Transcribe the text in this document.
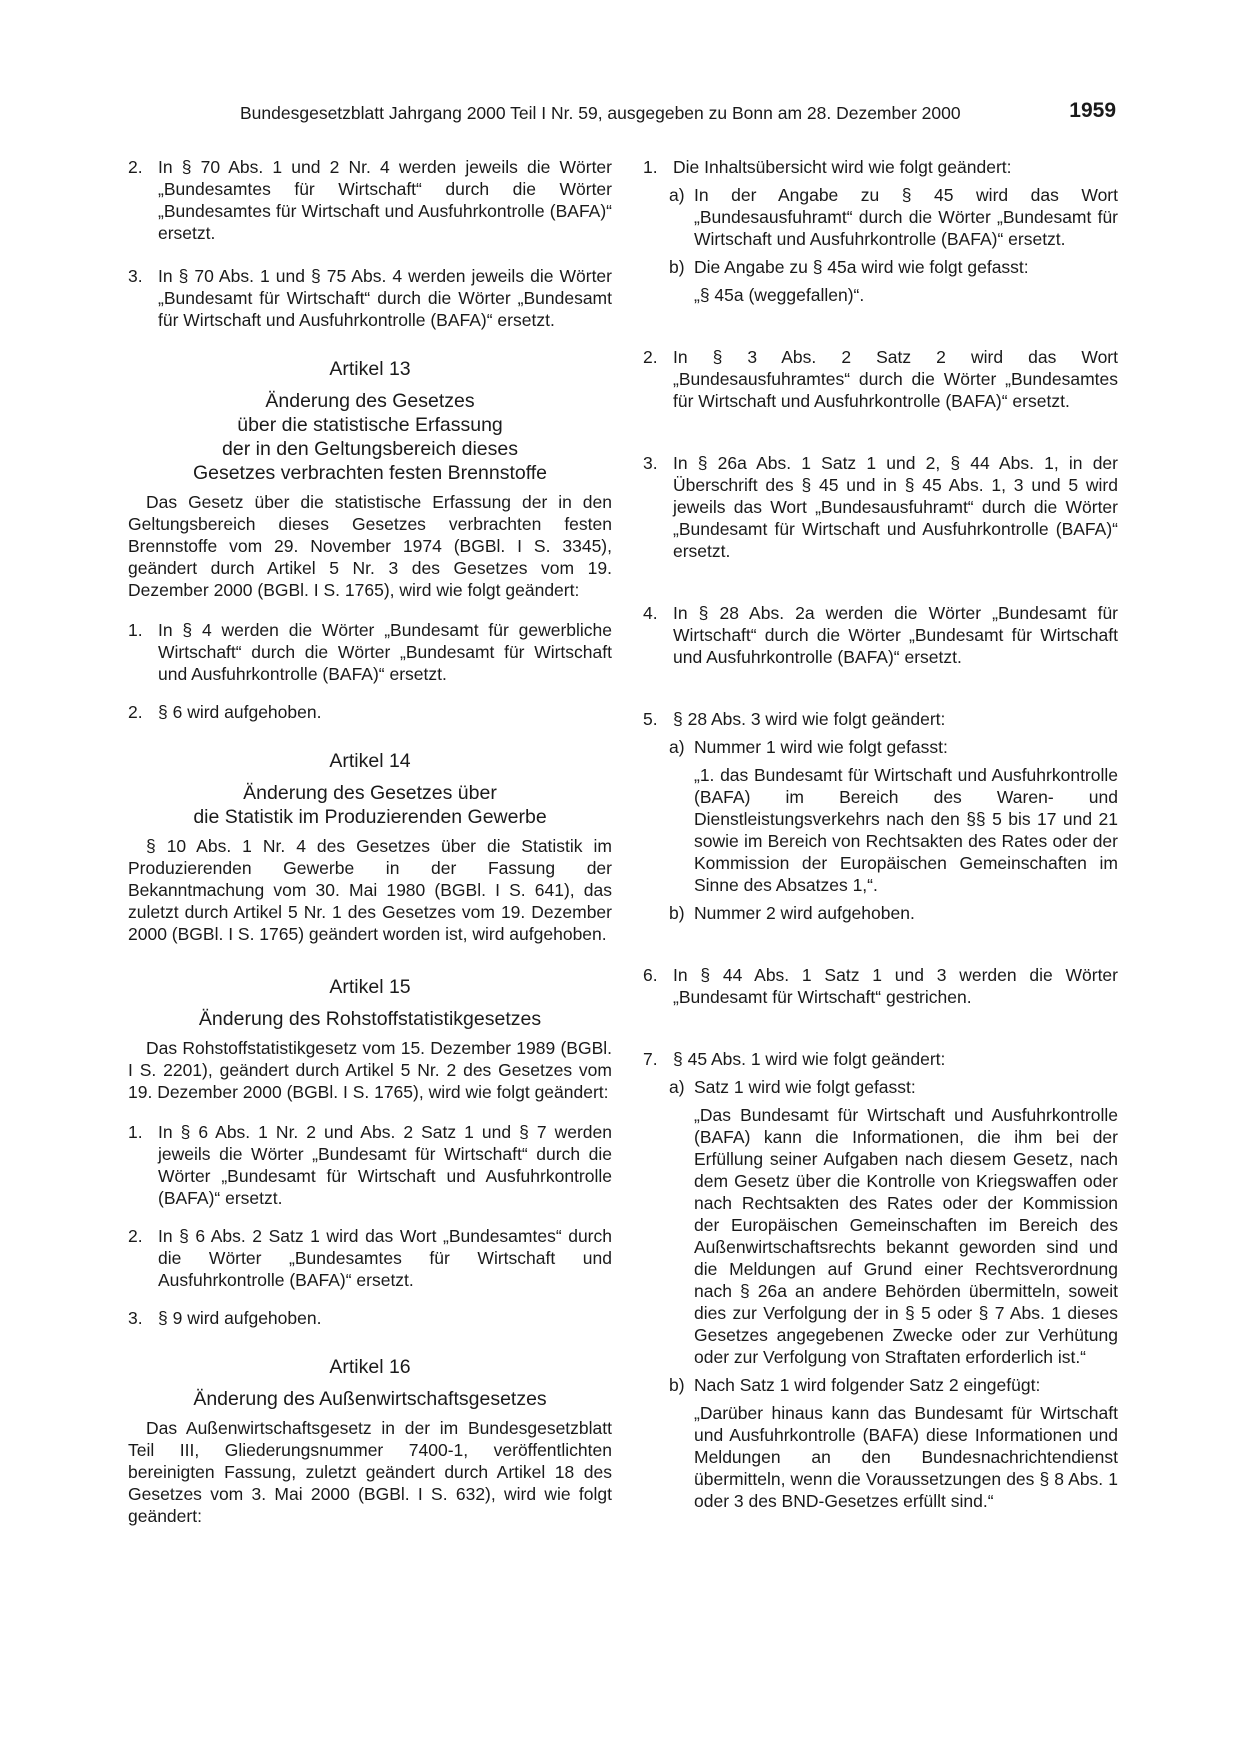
Bundesgesetzblatt Jahrgang 2000 Teil I Nr. 59, ausgegeben zu Bonn am 28. Dezember 2000	1959
2. In § 70 Abs. 1 und 2 Nr. 4 werden jeweils die Wörter „Bundesamtes für Wirtschaft“ durch die Wörter „Bundesamtes für Wirtschaft und Ausfuhrkontrolle (BAFA)“ ersetzt.

3. In § 70 Abs. 1 und § 75 Abs. 4 werden jeweils die Wörter „Bundesamt für Wirtschaft“ durch die Wörter „Bundesamt für Wirtschaft und Ausfuhrkontrolle (BAFA)“ ersetzt.

Artikel 13
Änderung des Gesetzes
über die statistische Erfassung
der in den Geltungsbereich dieses
Gesetzes verbrachten festen Brennstoffe

Das Gesetz über die statistische Erfassung der in den Geltungsbereich dieses Gesetzes verbrachten festen Brennstoffe vom 29. November 1974 (BGBl. I S. 3345), geändert durch Artikel 5 Nr. 3 des Gesetzes vom 19. Dezember 2000 (BGBl. I S. 1765), wird wie folgt geändert:

1. In § 4 werden die Wörter „Bundesamt für gewerbliche Wirtschaft“ durch die Wörter „Bundesamt für Wirtschaft und Ausfuhrkontrolle (BAFA)“ ersetzt.

2. § 6 wird aufgehoben.

Artikel 14
Änderung des Gesetzes über
die Statistik im Produzierenden Gewerbe

§ 10 Abs. 1 Nr. 4 des Gesetzes über die Statistik im Produzierenden Gewerbe in der Fassung der Bekanntmachung vom 30. Mai 1980 (BGBl. I S. 641), das zuletzt durch Artikel 5 Nr. 1 des Gesetzes vom 19. Dezember 2000 (BGBl. I S. 1765) geändert worden ist, wird aufgehoben.

Artikel 15
Änderung des Rohstoffstatistikgesetzes

Das Rohstoffstatistikgesetz vom 15. Dezember 1989 (BGBl. I S. 2201), geändert durch Artikel 5 Nr. 2 des Gesetzes vom 19. Dezember 2000 (BGBl. I S. 1765), wird wie folgt geändert:

1. In § 6 Abs. 1 Nr. 2 und Abs. 2 Satz 1 und § 7 werden jeweils die Wörter „Bundesamt für Wirtschaft“ durch die Wörter „Bundesamt für Wirtschaft und Ausfuhrkontrolle (BAFA)“ ersetzt.

2. In § 6 Abs. 2 Satz 1 wird das Wort „Bundesamtes“ durch die Wörter „Bundesamtes für Wirtschaft und Ausfuhrkontrolle (BAFA)“ ersetzt.

3. § 9 wird aufgehoben.

Artikel 16
Änderung des Außenwirtschaftsgesetzes

Das Außenwirtschaftsgesetz in der im Bundesgesetzblatt Teil III, Gliederungsnummer 7400-1, veröffentlichten bereinigten Fassung, zuletzt geändert durch Artikel 18 des Gesetzes vom 3. Mai 2000 (BGBl. I S. 632), wird wie folgt geändert:

1. Die Inhaltsübersicht wird wie folgt geändert:

a) In der Angabe zu § 45 wird das Wort „Bundesausfuhramt“ durch die Wörter „Bundesamt für Wirtschaft und Ausfuhrkontrolle (BAFA)“ ersetzt.

b) Die Angabe zu § 45a wird wie folgt gefasst:

„§ 45a (weggefallen)“.

2. In § 3 Abs. 2 Satz 2 wird das Wort „Bundesausfuhramtes“ durch die Wörter „Bundesamtes für Wirtschaft und Ausfuhrkontrolle (BAFA)“ ersetzt.

3. In § 26a Abs. 1 Satz 1 und 2, § 44 Abs. 1, in der Überschrift des § 45 und in § 45 Abs. 1, 3 und 5 wird jeweils das Wort „Bundesausfuhramt“ durch die Wörter „Bundesamt für Wirtschaft und Ausfuhrkontrolle (BAFA)“ ersetzt.

4. In § 28 Abs. 2a werden die Wörter „Bundesamt für Wirtschaft“ durch die Wörter „Bundesamt für Wirtschaft und Ausfuhrkontrolle (BAFA)“ ersetzt.

5. § 28 Abs. 3 wird wie folgt geändert:

a) Nummer 1 wird wie folgt gefasst:

„1. das Bundesamt für Wirtschaft und Ausfuhrkontrolle (BAFA) im Bereich des Waren- und Dienstleistungsverkehrs nach den §§ 5 bis 17 und 21 sowie im Bereich von Rechtsakten des Rates oder der Kommission der Europäischen Gemeinschaften im Sinne des Absatzes 1,“.

b) Nummer 2 wird aufgehoben.

6. In § 44 Abs. 1 Satz 1 und 3 werden die Wörter „Bundesamt für Wirtschaft“ gestrichen.

7. § 45 Abs. 1 wird wie folgt geändert:

a) Satz 1 wird wie folgt gefasst:

„Das Bundesamt für Wirtschaft und Ausfuhrkontrolle (BAFA) kann die Informationen, die ihm bei der Erfüllung seiner Aufgaben nach diesem Gesetz, nach dem Gesetz über die Kontrolle von Kriegswaffen oder nach Rechtsakten des Rates oder der Kommission der Europäischen Gemeinschaften im Bereich des Außenwirtschaftsrechts bekannt geworden sind und die Meldungen auf Grund einer Rechtsverordnung nach § 26a an andere Behörden übermitteln, soweit dies zur Verfolgung der in § 5 oder § 7 Abs. 1 dieses Gesetzes angegebenen Zwecke oder zur Verhütung oder zur Verfolgung von Straftaten erforderlich ist.“

b) Nach Satz 1 wird folgender Satz 2 eingefügt:

„Darüber hinaus kann das Bundesamt für Wirtschaft und Ausfuhrkontrolle (BAFA) diese Informationen und Meldungen an den Bundesnachrichtendienst übermitteln, wenn die Voraussetzungen des § 8 Abs. 1 oder 3 des BND-Gesetzes erfüllt sind.“
